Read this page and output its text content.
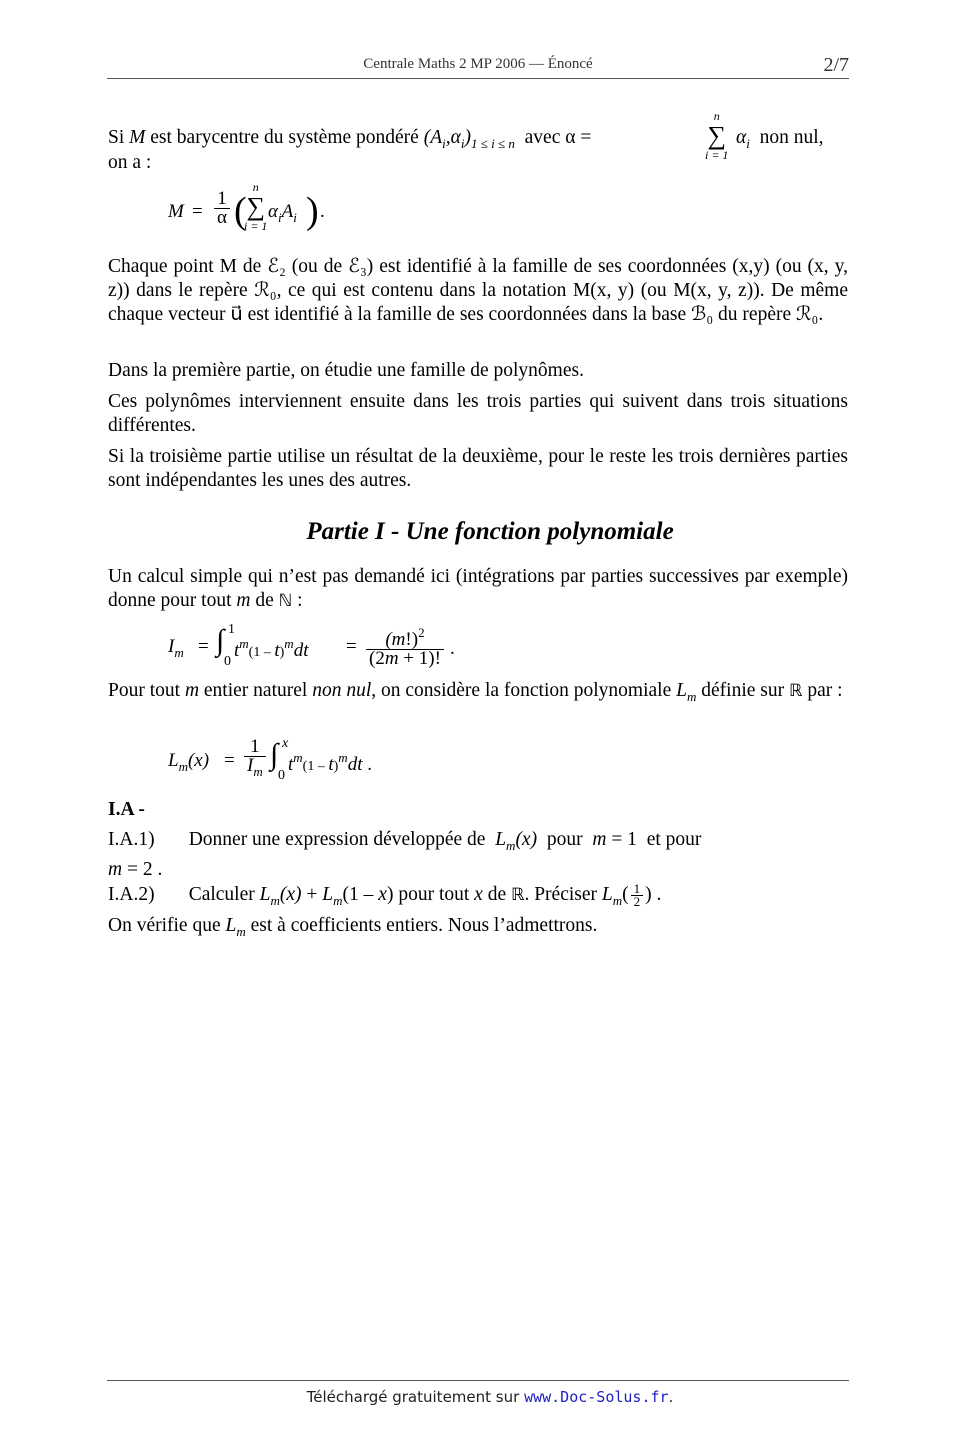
Centrale Maths 2 MP 2006 — Énoncé	2/7
Si M est barycentre du système pondéré $(A_i,\alpha_i)_{1 \le i \le n}$ avec α =
n
∑
i = 1
$\alpha_i$ non nul,
on a :
$M = \frac{1}{\alpha}$ (
n
∑
i = 1
$\alpha_iA_i$ ) .
Chaque point M de ℰ₂ (ou de ℰ₃) est identifié à la famille de ses coordonnées (x,y) (ou (x, y, z)) dans le repère ℛ₀, ce qui est contenu dans la notation M(x, y) (ou M(x, y, z)). De même chaque vecteur u⃗ est identifié à la famille de ses coordonnées dans la base ℬ₀ du repère ℛ₀.
Dans la première partie, on étudie une famille de polynômes.
Ces polynômes interviennent ensuite dans les trois parties qui suivent dans trois situations différentes.
Si la troisième partie utilise un résultat de la deuxième, pour le reste les trois dernières parties sont indépendantes les unes des autres.
Partie I - Une fonction polynomiale
Un calcul simple qui n’est pas demandé ici (intégrations par parties successives par exemple) donne pour tout m de ℕ :
$I_m$ = ∫ 1
0
$t^m(1 - t)^mdt = \frac{(m!)^2}{(2m + 1)!}$ .
Pour tout m entier naturel non nul, on considère la fonction polynomiale $L_m$ définie sur ℝ par :
$L_m(x) = \frac{1}{I_m}$ ∫ x
0
$t^m(1 - t)^mdt$ .
I.A -
I.A.1) Donner une expression développée de $L_m(x)$ pour m = 1  et pour
m = 2 .
I.A.2) Calculer $L_m(x) + L_m(1 - x)$ pour tout x de ℝ. Préciser $L_m( \frac{1}{2}$ ) .
On vérifie que $L_m$ est à coefficients entiers. Nous l’admettrons.
Téléchargé gratuitement sur www.Doc-Solus.fr.
